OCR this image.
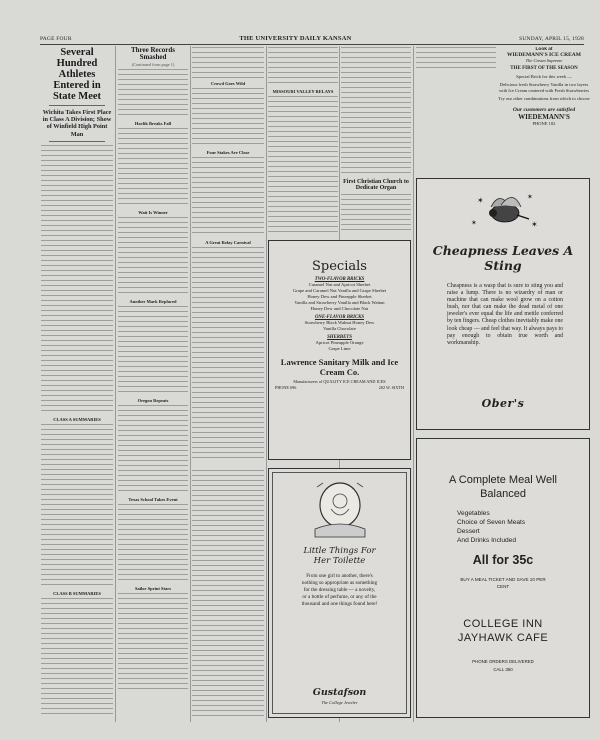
PAGE FOUR	THE UNIVERSITY DAILY KANSAN	SUNDAY, APRIL 15, 1928
Several Hundred Athletes Entered in State Meet
Wichita Takes First Place in Class A Division; Show of Winfield High Point Man
CLASS A SUMMARIES
CLASS B SUMMARIES
Three Records Smashed
(Continued from page 1)
Havlik Breaks Fall
Wait Is Winner
Another Mark Replaced
Oregon Repeats
Texas School Takes Event
Sailor Sprint Stars
Crowd Goes Wild
Four Stakes Are Close
A Great Relay Carnival
MISSOURI VALLEY RELAYS
First Christian Church to Dedicate Organ
Look at
WIEDEMANN'S ICE CREAM
The Cream Supreme
THE FIRST OF THE SEASON
Special Brick for this week —
Delicious fresh Strawberry Vanilla in two layers with Ice Cream centered with Fresh Strawberries
Try our other combinations from which to choose
Our customers are satisfied
WIEDEMANN'S
PHONE 182
Specials
TWO-FLAVOR BRICKS
Caramel Nut and Apricot Sherbet
Grape and Caramel Nut Vanilla and Grape Sherbet
Honey Dew and Pineapple Sherbet
Vanilla and Strawberry Vanilla and Black Walnut
Honey Dew and Chocolate Nut
ONE-FLAVOR BRICKS
Strawberry Black Walnut Honey Dew
Vanilla Chocolate
SHERBETS
Apricot Pineapple Orange
Grape Lime
Lawrence Sanitary Milk and Ice Cream Co.
Manufacturers of QUALITY ICE CREAM AND ICES
PHONE 696	202 W. SIXTH
Little Things For Her Toilette
From one girl to another, there's nothing so appropriate as something for the dressing table — a novelty, or a bottle of perfume, or any of the thousand and one things found here!
Gustafson
The College Jeweler
✶	✶
✶	✶
Cheapness Leaves A Sting
Cheapness is a wasp that is sure to sting you and raise a lump. There is no wizardry of man or machine that can make wool grow on a cotton bush, nor that can make the dead metal of one jeweler's ever equal the life and mettle conferred by ten fingers. Cheap clothes inevitably make one look cheap — and feel that way. It always pays to pay enough to obtain true worth and workmanship.
Ober's
A Complete Meal Well Balanced
Vegetables
Choice of Seven Meats
Dessert
And Drinks Included
All for 35c
BUY A MEAL TICKET AND SAVE 10 PER CENT
COLLEGE INN JAYHAWK CAFE
PHONE ORDERS DELIVERED
CALL 350
